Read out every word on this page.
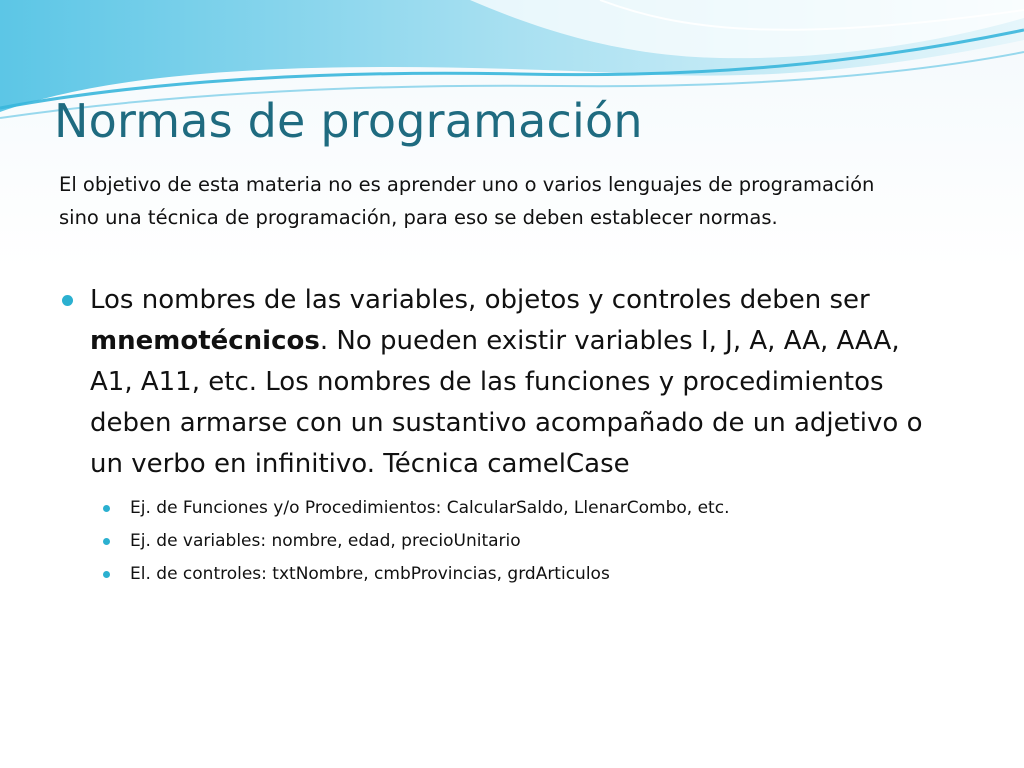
Normas de programación

El objetivo de esta materia no es aprender uno o varios lenguajes de programación sino una técnica de programación, para eso se deben establecer normas.

Los nombres de las variables, objetos y controles deben ser mnemotécnicos. No pueden existir variables I, J, A, AA, AAA, A1, A11, etc. Los nombres de las funciones y procedimientos deben armarse con un sustantivo acompañado de un adjetivo o un verbo en infinitivo. Técnica camelCase
Ej. de Funciones y/o Procedimientos: CalcularSaldo, LlenarCombo, etc.
Ej. de variables: nombre, edad, precioUnitario
El. de controles: txtNombre, cmbProvincias, grdArticulos
